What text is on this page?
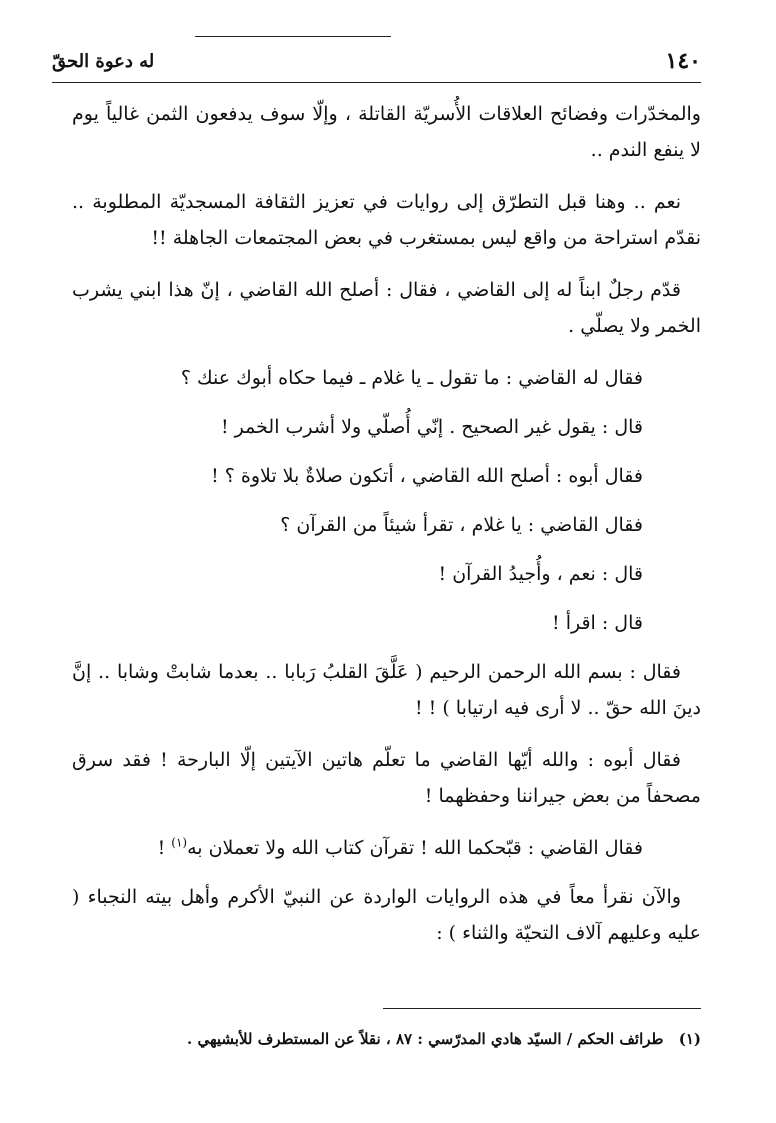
١٤٠
له دعوة الحقّ

والمخدّرات وفضائح العلاقات الأُسريّة القاتلة ، وإلّا سوف يدفعون الثمن غالياً يوم لا ينفع الندم ..

نعم .. وهنا قبل التطرّق إلى روايات في تعزيز الثقافة المسجديّة المطلوبة .. نقدّم استراحة من واقع ليس بمستغرب في بعض المجتمعات الجاهلة !!

قدّم رجلٌ ابناً له إلى القاضي ، فقال : أصلح الله القاضي ، إنّ هذا ابني يشرب الخمر ولا يصلّي .

فقال له القاضي : ما تقول ـ يا غلام ـ فيما حكاه أبوك عنك ؟

قال : يقول غير الصحيح . إنّي أُصلّي ولا أشرب الخمر !

فقال أبوه : أصلح الله القاضي ، أتكون صلاةٌ بلا تلاوة ؟ !

فقال القاضي : يا غلام ، تقرأ شيئاً من القرآن ؟

قال : نعم ، وأُجيدُ القرآن !

قال : اقرأ !

فقال : بسم الله الرحمن الرحيم ( عَلَّقَ القلبُ رَبابا .. بعدما شابتْ وشابا .. إنَّ دينَ الله حقّ .. لا أرى فيه ارتيابا ) ! !

فقال أبوه : والله أيّها القاضي ما تعلّم هاتين الآيتين إلّا البارحة ! فقد سرق مصحفاً من بعض جيراننا وحفظهما !

فقال القاضي : قبّحكما الله ! تقرآن كتاب الله ولا تعملان به$^{(١)}$ !

والآن نقرأ معاً في هذه الروايات الواردة عن النبيّ الأكرم وأهل بيته النجباء ( عليه وعليهم آلاف التحيّة والثناء ) :

(١) طرائف الحكم / السيّد هادي المدرّسي : ٨٧ ، نقلاً عن المستطرف للأبشيهي .
